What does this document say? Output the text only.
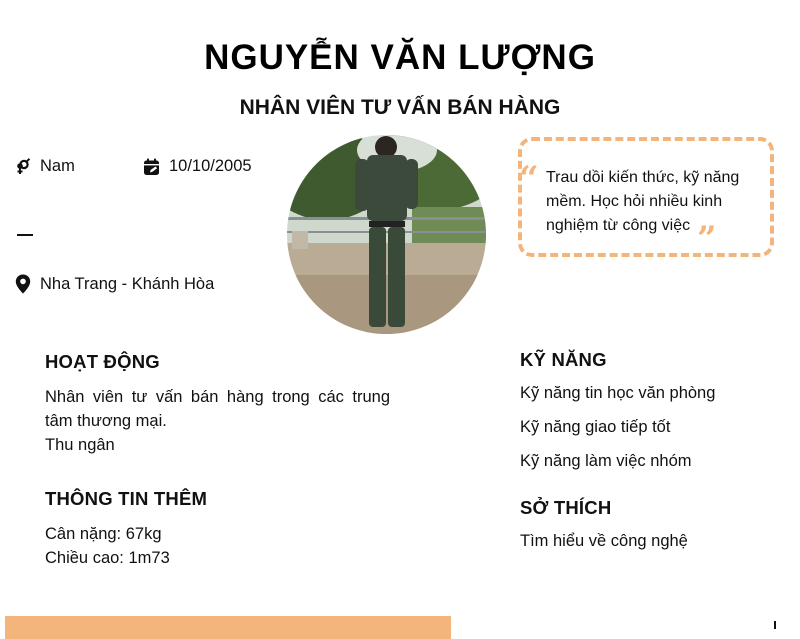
NGUYỄN VĂN LƯỢNG
NHÂN VIÊN TƯ VẤN BÁN HÀNG
Nam	10/10/2005
Nha Trang - Khánh Hòa
“ Trau dồi kiến thức, kỹ năng mềm. Học hỏi nhiều kinh nghiệm từ công việc ”
HOẠT ĐỘNG
Nhân viên tư vấn bán hàng trong các trung tâm thương mại.
Thu ngân
THÔNG TIN THÊM
Cân nặng: 67kg
Chiều cao: 1m73
KỸ NĂNG
Kỹ năng tin học văn phòng
Kỹ năng giao tiếp tốt
Kỹ năng làm việc nhóm
SỞ THÍCH
Tìm hiểu về công nghệ
